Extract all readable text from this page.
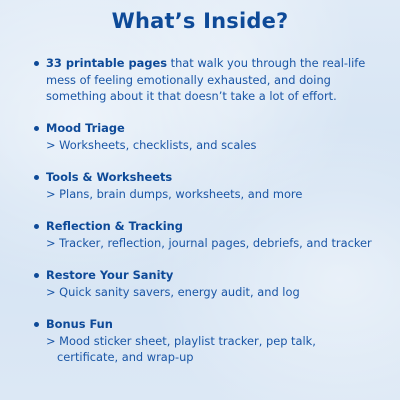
What’s Inside?
33 printable pages that walk you through the real-life
mess of feeling emotionally exhausted, and doing
something about it that doesn’t take a lot of effort.
Mood Triage
> Worksheets, checklists, and scales
Tools & Worksheets
> Plans, brain dumps, worksheets, and more
Reflection & Tracking
> Tracker, reflection, journal pages, debriefs, and tracker
Restore Your Sanity
> Quick sanity savers, energy audit, and log
Bonus Fun
> Mood sticker sheet, playlist tracker, pep talk,
certificate, and wrap-up
